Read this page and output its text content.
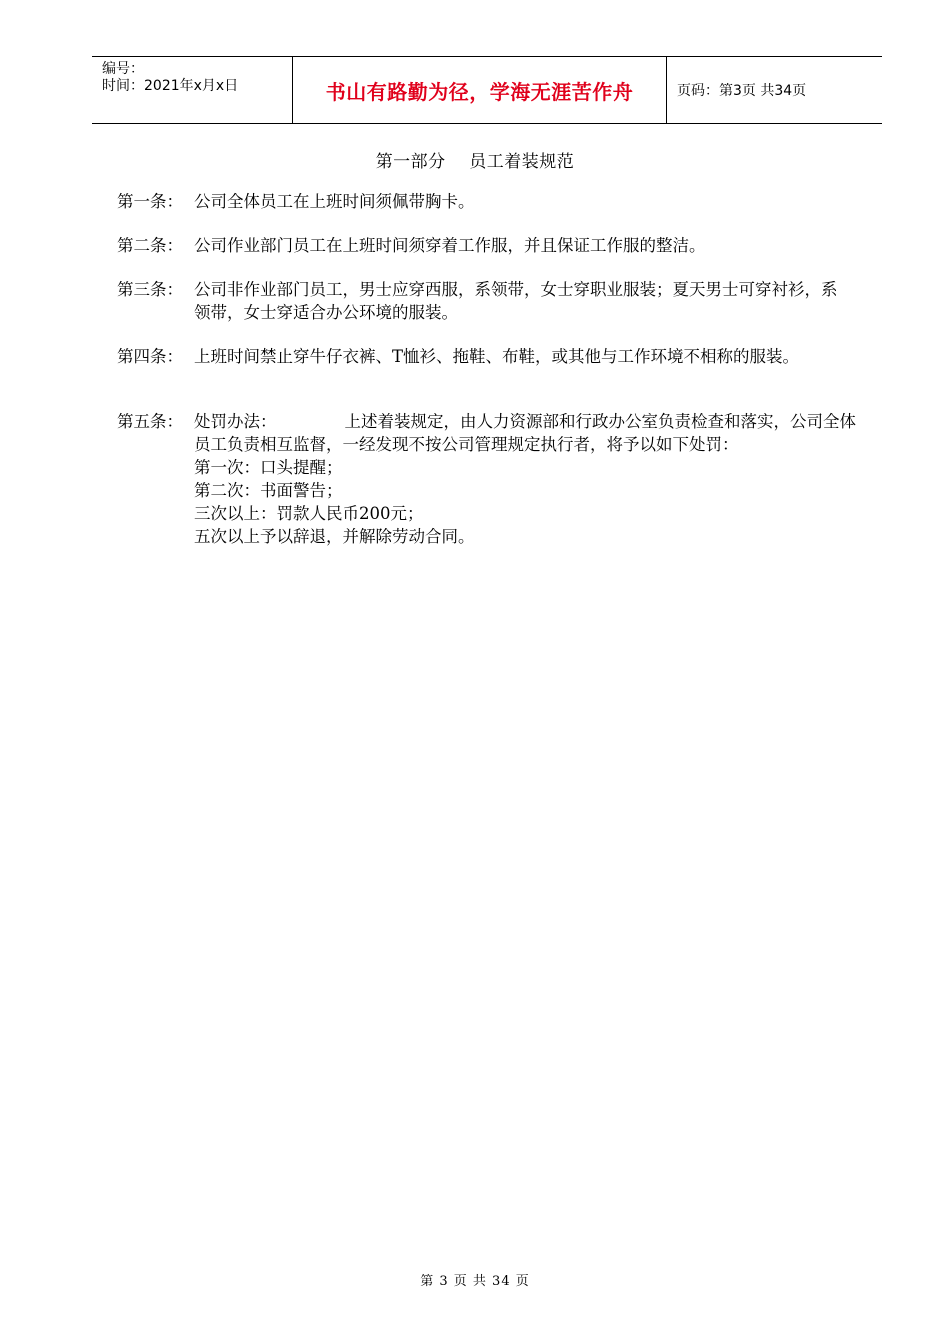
编号：
时间：2021年x月x日	书山有路勤为径，学海无涯苦作舟	页码：第3页 共34页
第一部分    员工着装规范
第一条： 公司全体员工在上班时间须佩带胸卡。

第二条： 公司作业部门员工在上班时间须穿着工作服，并且保证工作服的整洁。

第三条： 公司非作业部门员工，男士应穿西服，系领带，女士穿职业服装；夏天男士可穿衬衫，系领带，女士穿适合办公环境的服装。

第四条： 上班时间禁止穿牛仔衣裤、T恤衫、拖鞋、布鞋，或其他与工作环境不相称的服装。

第五条： 处罚办法：	上述着装规定，由人力资源部和行政办公室负责检查和落实，公司全体员工负责相互监督，一经发现不按公司管理规定执行者，将予以如下处罚：

第一次：口头提醒；

第二次：书面警告；

三次以上：罚款人民币200元；

五次以上予以辞退，并解除劳动合同。

第 3 页 共 34 页
